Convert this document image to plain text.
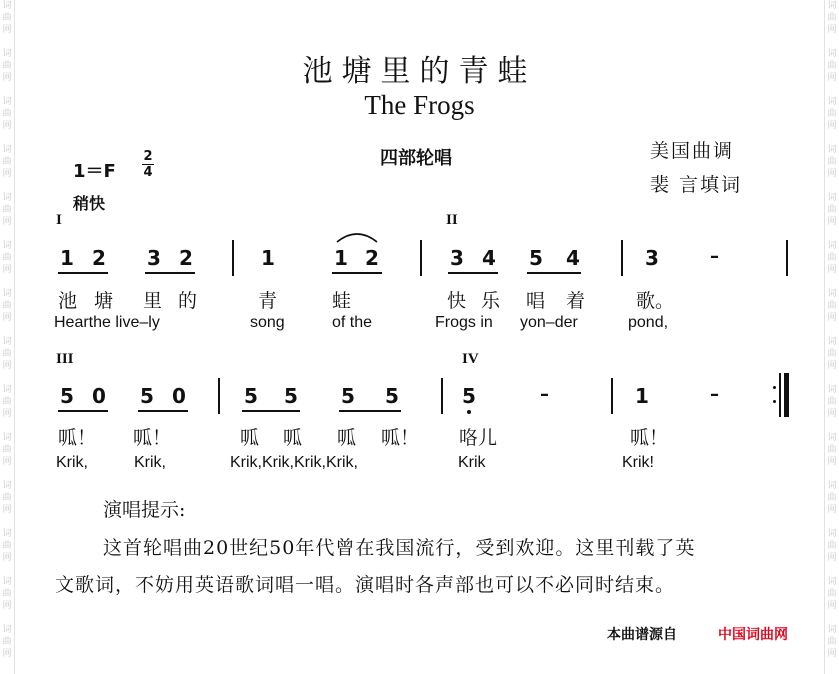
词曲网

词曲网

词曲网

词曲网

词曲网

词曲网

词曲网

词曲网

词曲网

词曲网

词曲网

词曲网

词曲网

词曲网
词曲网

词曲网

词曲网

词曲网

词曲网

词曲网

词曲网

词曲网

词曲网

词曲网

词曲网

词曲网

词曲网

词曲网
池塘里的青蛙
The Frogs
四部轮唱	美国曲调
裴 言填词
1＝F
2
4
稍快
I	II
1 2 3 2	1	1 2	3 4 5 4	3	–
池 塘 里 的	青	蛙	快 乐 唱 着	歌。
Hearthe live–ly	song	of the	Frogs in yon–der	pond,
III	IV
5 0 5 0	5 5 5 5	5	–	1	–
呱！ 呱！	呱 呱 呱 呱！ 咯儿	呱！
Krik,	Krik,	Krik,Krik,Krik,Krik,	Krik	Krik!
演唱提示:
这首轮唱曲20世纪50年代曾在我国流行，受到欢迎。这里刊载了英
文歌词，不妨用英语歌词唱一唱。演唱时各声部也可以不必同时结束。
本曲谱源自	中国词曲网
